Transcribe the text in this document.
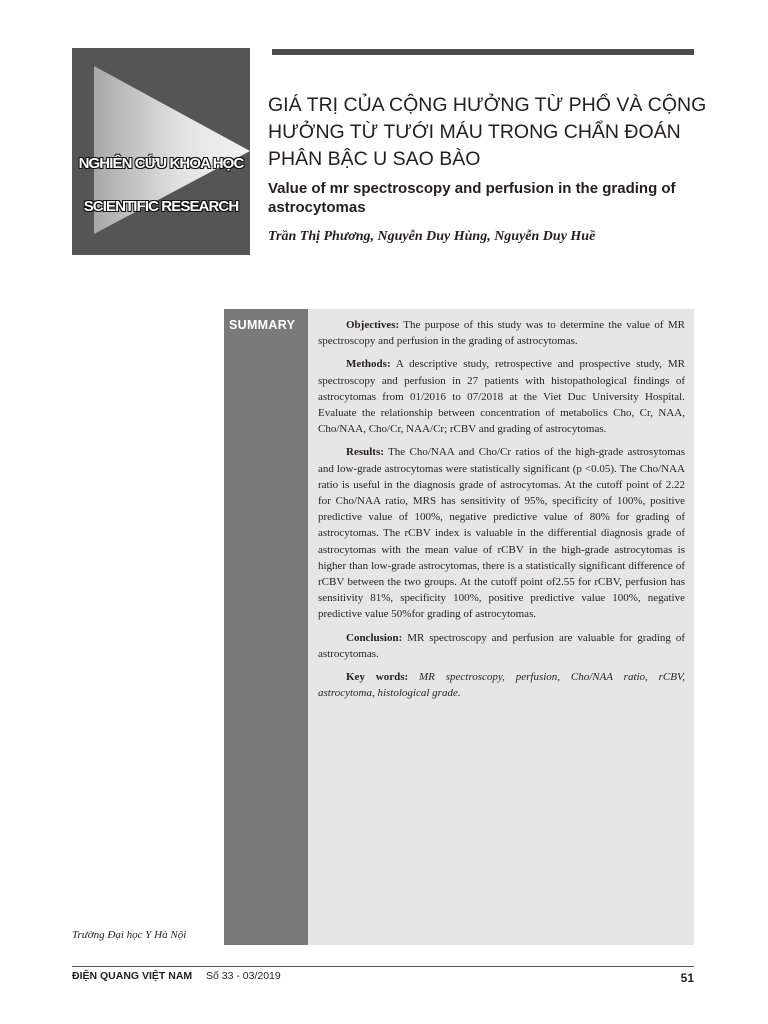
NGHIÊN CỨU KHOA HỌC
SCIENTIFIC RESEARCH
GIÁ TRỊ CỦA CỘNG HƯỞNG TỪ PHỔ VÀ CỘNG HƯỞNG TỪ TƯỚI MÁU TRONG CHẨN ĐOÁN PHÂN BẬC U SAO BÀO
Value of mr spectroscopy and perfusion in the grading of astrocytomas
Trần Thị Phương, Nguyễn Duy Hùng, Nguyễn Duy Huề
SUMMARY	Objectives: The purpose of this study was to determine the value of MR spectroscopy and perfusion in the grading of astrocytomas.

Methods: A descriptive study, retrospective and prospective study, MR spectroscopy and perfusion in 27 patients with histopathological findings of astrocytomas from 01/2016 to 07/2018 at the Viet Duc University Hospital. Evaluate the relationship between concentration of metabolics Cho, Cr, NAA, Cho/NAA, Cho/Cr, NAA/Cr; rCBV and grading of astrocytomas.

Results: The Cho/NAA and Cho/Cr ratios of the high-grade astrosytomas and low-grade astrocytomas were statistically significant (p <0.05). The Cho/NAA ratio is useful in the diagnosis grade of astrocytomas. At the cutoff point of 2.22 for Cho/NAA ratio, MRS has sensitivity of 95%, specificity of 100%, positive predictive value of 100%, negative predictive value of 80% for grading of astrocytomas. The rCBV index is valuable in the differential diagnosis grade of astrocytomas with the mean value of rCBV in the high-grade astrocytomas is higher than low-grade astrocytomas, there is a statistically significant difference of rCBV between the two groups. At the cutoff point of2.55 for rCBV, perfusion has sensitivity 81%, specificity 100%, positive predictive value 100%, negative predictive value 50%for grading of astrocytomas.

Conclusion: MR spectroscopy and perfusion are valuable for grading of astrocytomas.

Key words: MR spectroscopy, perfusion, Cho/NAA ratio, rCBV, astrocytoma, histological grade.

Trường Đại học Y Hà Nội
ĐIỆN QUANG VIỆT NAM Số 33 - 03/2019	51
